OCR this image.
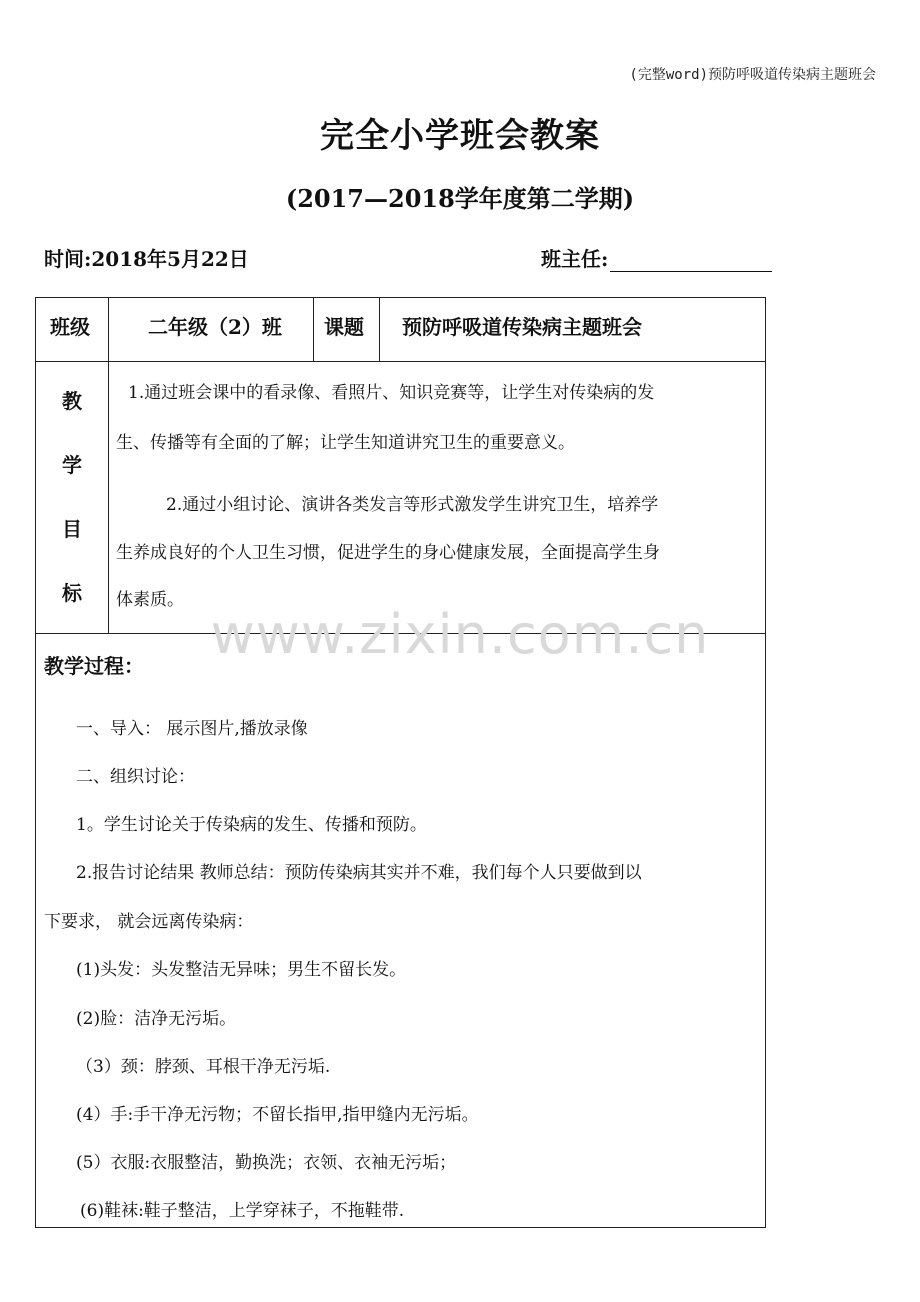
(完整word)预防呼吸道传染病主题班会
完全小学班会教案
(2017—2018学年度第二学期)
时间:2018年5月22日	班主任:
班级	二年级（2）班 课题 预防呼吸道传染病主题班会
教
学
目
标
1.通过班会课中的看录像、看照片、知识竞赛等，让学生对传染病的发
生、传播等有全面的了解；让学生知道讲究卫生的重要意义。
2.通过小组讨论、演讲各类发言等形式激发学生讲究卫生，培养学
生养成良好的个人卫生习惯，促进学生的身心健康发展，全面提高学生身
体素质。
教学过程：
一、导入： 展示图片,播放录像
二、组织讨论：
1。学生讨论关于传染病的发生、传播和预防。
2.报告讨论结果 教师总结：预防传染病其实并不难，我们每个人只要做到以
下要求， 就会远离传染病：
(1)头发：头发整洁无异味；男生不留长发。
(2)脸：洁净无污垢。
（3）颈：脖颈、耳根干净无污垢.
(4）手:手干净无污物；不留长指甲,指甲缝内无污垢。
(5）衣服:衣服整洁，勤换洗；衣领、衣袖无污垢；
(6)鞋袜:鞋子整洁，上学穿袜子，不拖鞋带.
www.zixin.com.cn
